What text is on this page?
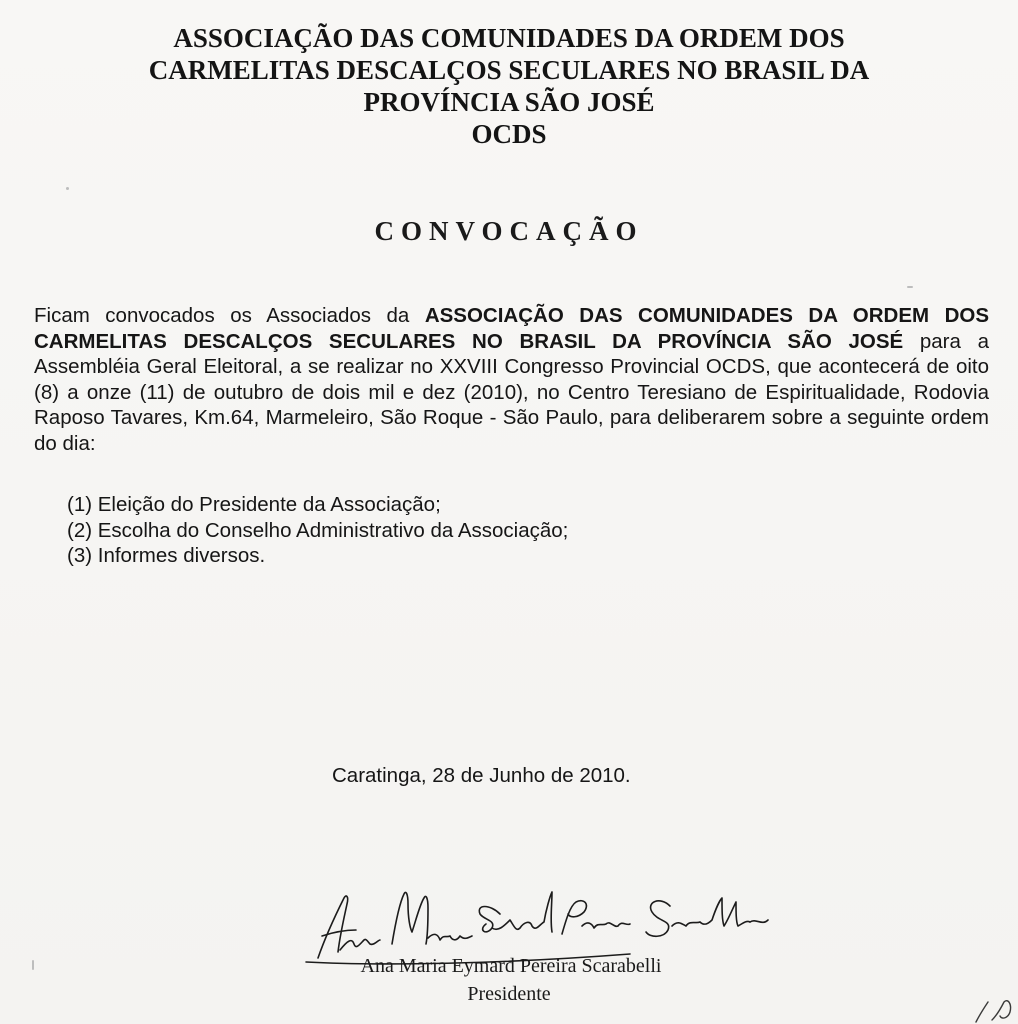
ASSOCIAÇÃO DAS COMUNIDADES DA ORDEM DOS
CARMELITAS DESCALÇOS SECULARES NO BRASIL DA
PROVÍNCIA SÃO JOSÉ
OCDS
CONVOCAÇÃO
Ficam convocados os Associados da ASSOCIAÇÃO DAS COMUNIDADES DA ORDEM DOS CARMELITAS DESCALÇOS SECULARES NO BRASIL DA PROVÍNCIA SÃO JOSÉ para a Assembléia Geral Eleitoral, a se realizar no XXVIII Congresso Provincial OCDS, que acontecerá de oito (8) a onze (11) de outubro de dois mil e dez (2010), no Centro Teresiano de Espiritualidade, Rodovia Raposo Tavares, Km.64, Marmeleiro, São Roque - São Paulo, para deliberarem sobre a seguinte ordem do dia:
(1) Eleição do Presidente da Associação;
(2) Escolha do Conselho Administrativo da Associação;
(3) Informes diversos.
Caratinga, 28 de Junho de 2010.
Ana Maria Eymard Pereira Scarabelli
Presidente
